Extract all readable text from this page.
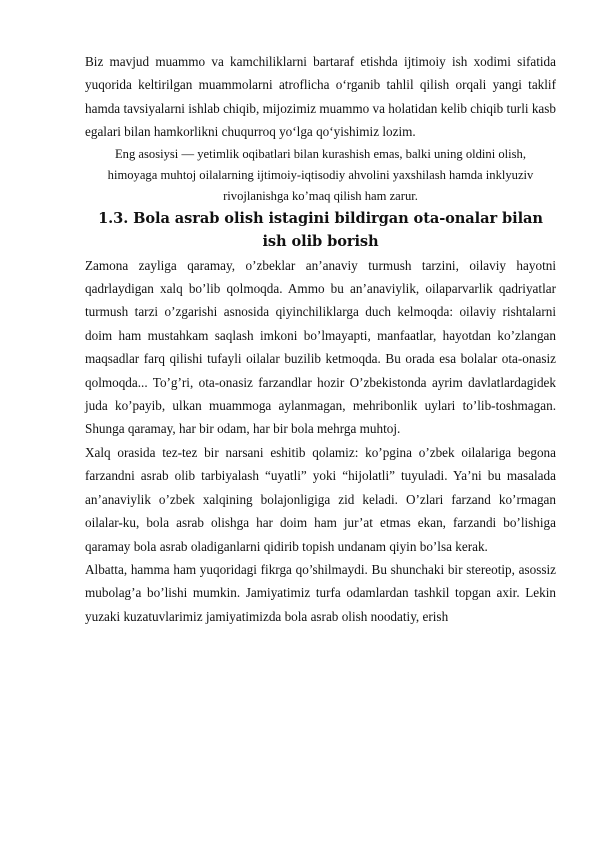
Biz mavjud muammo va kamchiliklarni bartaraf etishda ijtimoiy ish xodimi sifatida yuqorida keltirilgan muammolarni atroflicha oʻrganib tahlil qilish orqali yangi taklif hamda tavsiyalarni ishlab chiqib, mijozimiz muammo va holatidan kelib chiqib turli kasb egalari bilan hamkorlikni chuqurroq yoʻlga qoʻyishimiz lozim.

Eng asosiysi — yetimlik oqibatlari bilan kurashish emas, balki uning oldini olish, himoyaga muhtoj oilalarning ijtimoiy-iqtisodiy ahvolini yaxshilash hamda inklyuziv rivojlanishga ko’maq qilish ham zarur.

1.3. Bola asrab olish istagini bildirgan ota-onalar bilan ish olib borish

Zamona zayliga qaramay, o’zbeklar an’anaviy turmush tarzini, oilaviy hayotni qadrlaydigan xalq bo’lib qolmoqda. Ammo bu an’anaviylik, oilaparvarlik qadriyatlar turmush tarzi o’zgarishi asnosida qiyinchiliklarga duch kelmoqda: oilaviy rishtalarni doim ham mustahkam saqlash imkoni bo’lmayapti, manfaatlar, hayotdan ko’zlangan maqsadlar farq qilishi tufayli oilalar buzilib ketmoqda. Bu orada esa bolalar ota-onasiz qolmoqda... To’g’ri, ota-onasiz farzandlar hozir O’zbekistonda ayrim davlatlardagidek juda ko’payib, ulkan muammoga aylanmagan, mehribonlik uylari to’lib-toshmagan. Shunga qaramay, har bir odam, har bir bola mehrga muhtoj.

Xalq orasida tez-tez bir narsani eshitib qolamiz: ko’pgina o’zbek oilalariga begona farzandni asrab olib tarbiyalash “uyatli” yoki “hijolatli” tuyuladi. Ya’ni bu masalada an’anaviylik o’zbek xalqining bolajonligiga zid keladi. O’zlari farzand ko’rmagan oilalar-ku, bola asrab olishga har doim ham jur’at etmas ekan, farzandi bo’lishiga qaramay bola asrab oladiganlarni qidirib topish undanam qiyin bo’lsa kerak.

Albatta, hamma ham yuqoridagi fikrga qo’shilmaydi. Bu shunchaki bir stereotip, asossiz mubolag’a bo’lishi mumkin. Jamiyatimiz turfa odamlardan tashkil topgan axir. Lekin yuzaki kuzatuvlarimiz jamiyatimizda bola asrab olish noodatiy, erish
